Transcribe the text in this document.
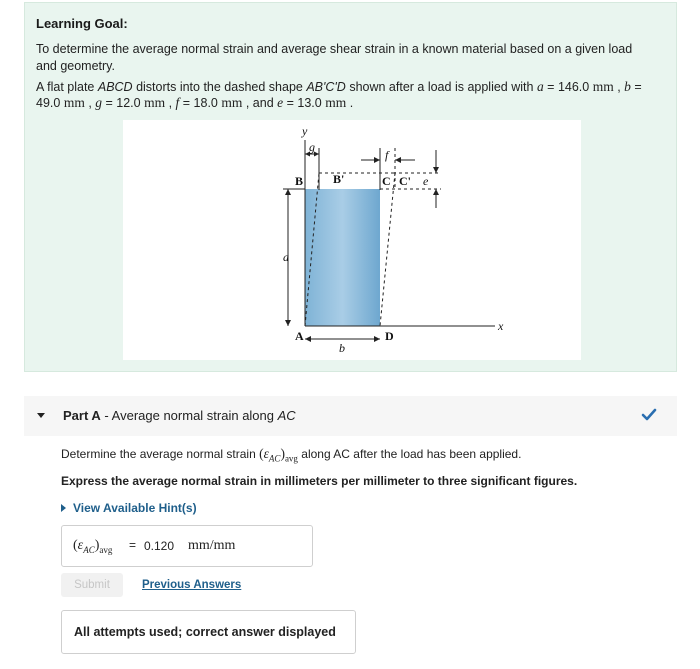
Learning Goal:
To determine the average normal strain and average shear strain in a known material based on a given load and geometry.
A flat plate ABCD distorts into the dashed shape AB'C'D shown after a load is applied with a = 146.0 mm , b = 49.0 mm , g = 12.0 mm , f = 18.0 mm , and e = 13.0 mm .
y
g
f
B B'	C C' e
a
A	D
b
x
Part A - Average normal strain along AC
Determine the average normal strain $(\varepsilon_{AC})_{avg}$ along AC after the load has been applied.
Express the average normal strain in millimeters per millimeter to three significant figures.
View Available Hint(s)
$(\varepsilon_{AC})_{avg} = 0.120$ mm/mm
Submit	Previous Answers
All attempts used; correct answer displayed
